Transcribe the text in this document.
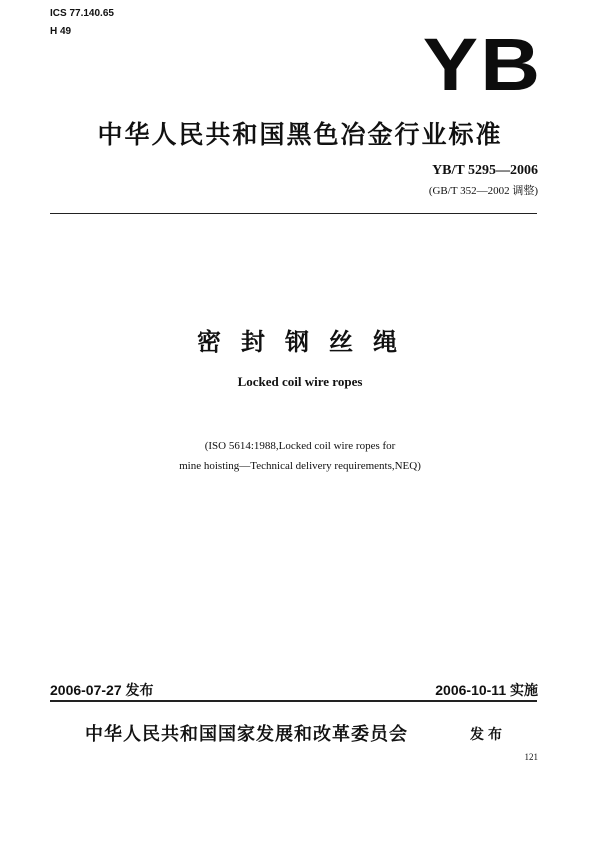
ICS 77.140.65
H 49	YB
中华人民共和国黑色冶金行业标准
YB/T 5295—2006
(GB/T 352—2002 调整)
密封钢丝绳
Locked coil wire ropes
(ISO 5614:1988,Locked coil wire ropes for
mine hoisting—Technical delivery requirements,NEQ)
2006-07-27 发布	2006-10-11 实施
中华人民共和国国家发展和改革委员会	发布
121
